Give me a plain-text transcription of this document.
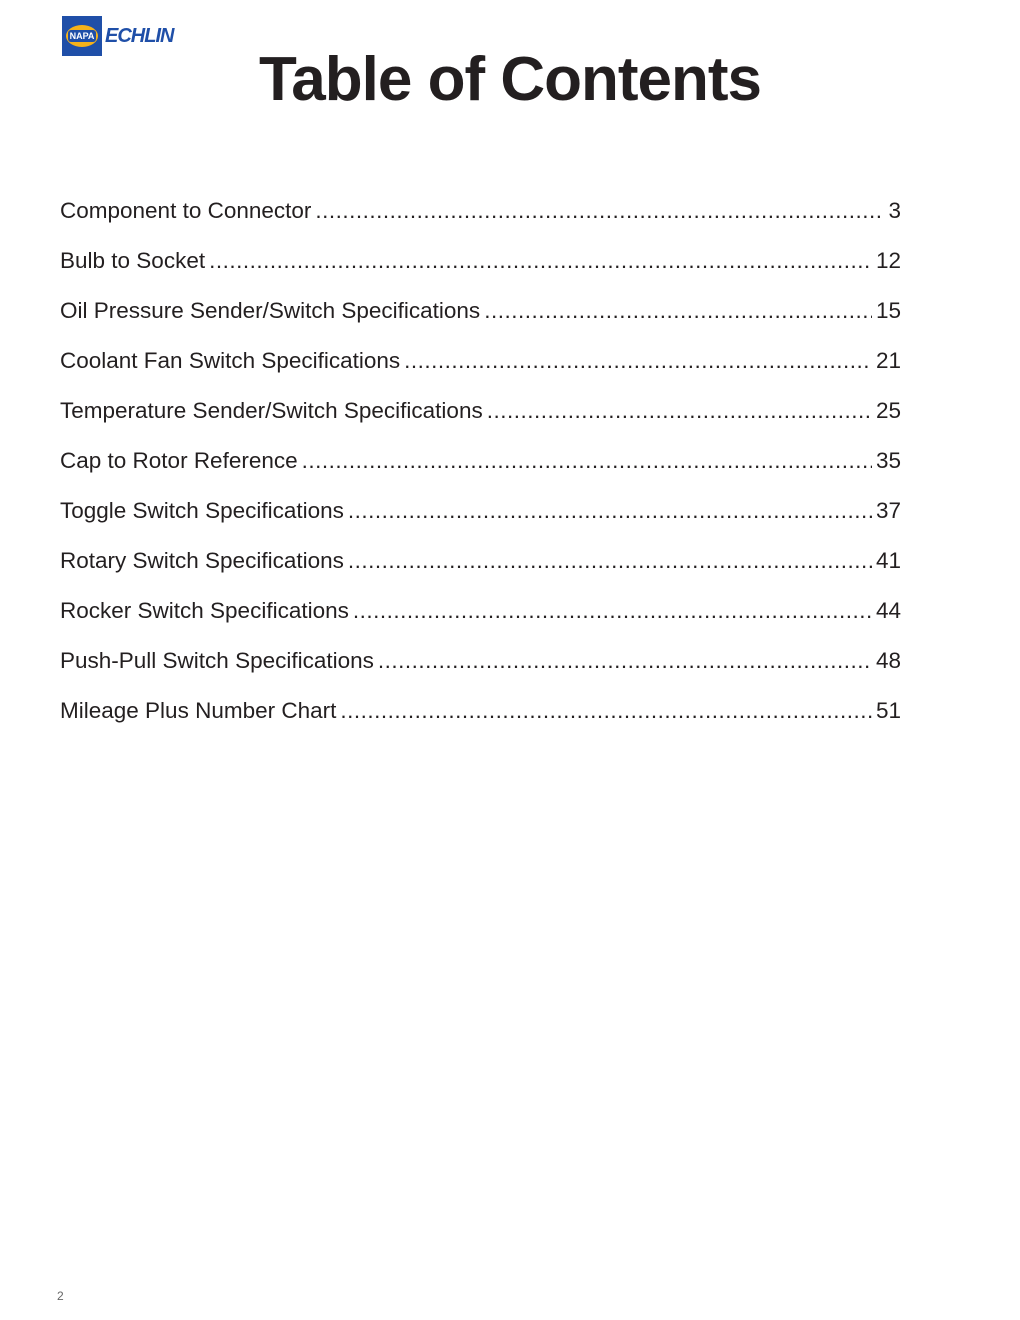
NAPA ECHLIN
Table of Contents
Component to Connector .....	3
Bulb to Socket .....	12
Oil Pressure Sender/Switch Specifications .....	15
Coolant Fan Switch Specifications .....	21
Temperature Sender/Switch Specifications .....	25
Cap to Rotor Reference .....	35
Toggle Switch Specifications .....	37
Rotary Switch Specifications .....	41
Rocker Switch Specifications .....	44
Push-Pull Switch Specifications .....	48
Mileage Plus Number Chart .....	51
2
